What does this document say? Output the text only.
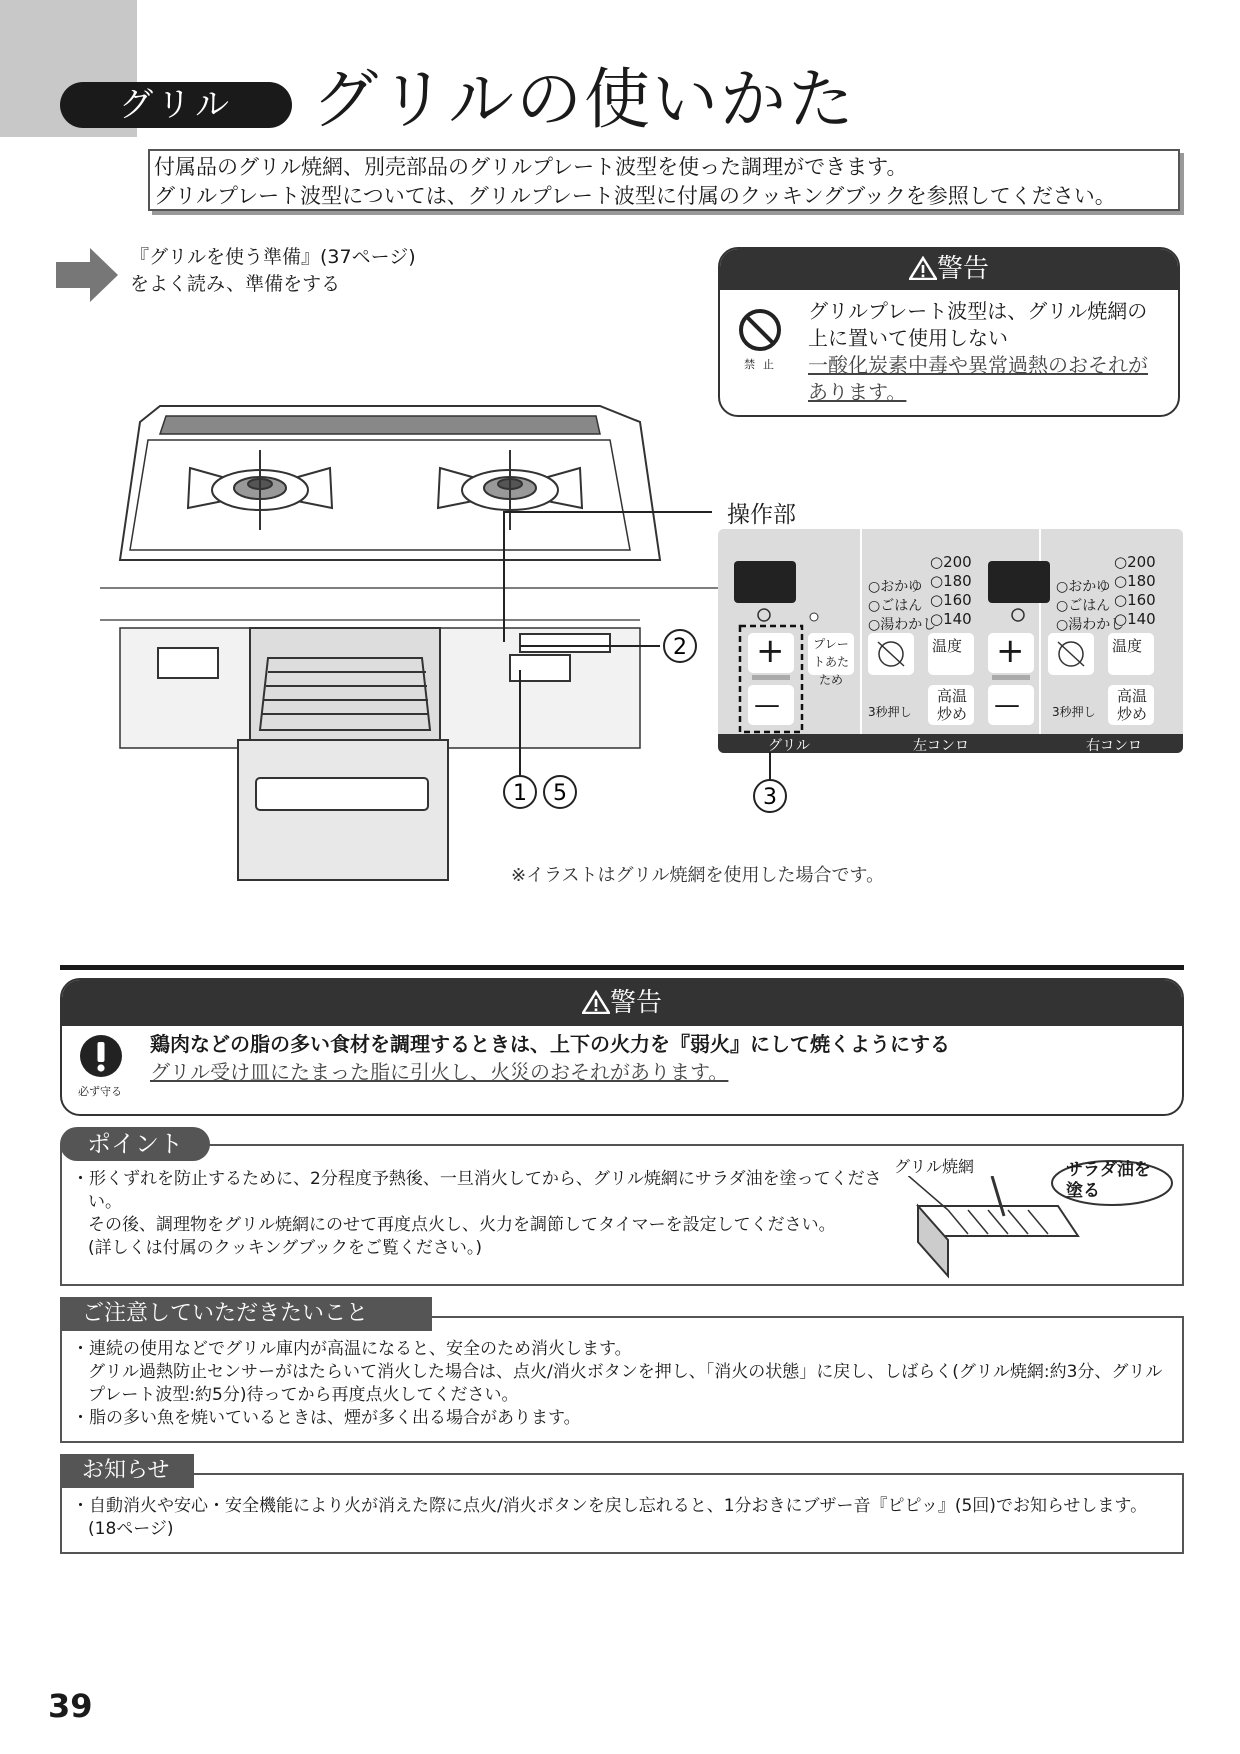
グリル	グリルの使いかた
付属品のグリル焼網、別売部品のグリルプレート波型を使った調理ができます。
グリルプレート波型については、グリルプレート波型に付属のクッキングブックを参照してください。
『グリルを使う準備』(37ページ)
をよく読み、準備をする	警告
禁止
グリルプレート波型は、グリル焼網の
上に置いて使用しない
一酸化炭素中毒や異常過熱のおそれが
あります。
2
1 5
操作部
+
—
プレートあたため
グリル
○おかゆ
○ごはん
○湯わかし
○200
○180
○160
○140
温度
高温炒め
3秒押し
左コンロ
+
—
○おかゆ
○ごはん
○湯わかし
○200
○180
○160
○140
温度
高温炒め
3秒押し
右コンロ
3
※イラストはグリル焼網を使用した場合です。
警告
必ず守る
鶏肉などの脂の多い食材を調理するときは、上下の火力を『弱火』にして焼くようにする
グリル受け皿にたまった脂に引火し、火災のおそれがあります。
ポイント
・形くずれを防止するために、2分程度予熱後、一旦消火してから、グリル焼網にサラダ油を塗ってください。
その後、調理物をグリル焼網にのせて再度点火し、火力を調節してタイマーを設定してください。
(詳しくは付属のクッキングブックをご覧ください。)
グリル焼網	サラダ油を塗る
ご注意していただきたいこと
・連続の使用などでグリル庫内が高温になると、安全のため消火します。
グリル過熱防止センサーがはたらいて消火した場合は、点火/消火ボタンを押し、「消火の状態」に戻し、しばらく(グリル焼網:約3分、グリルプレート波型:約5分)待ってから再度点火してください。
・脂の多い魚を焼いているときは、煙が多く出る場合があります。
お知らせ
・自動消火や安心・安全機能により火が消えた際に点火/消火ボタンを戻し忘れると、1分おきにブザー音『ピピッ』(5回)でお知らせします。(18ページ)
39
